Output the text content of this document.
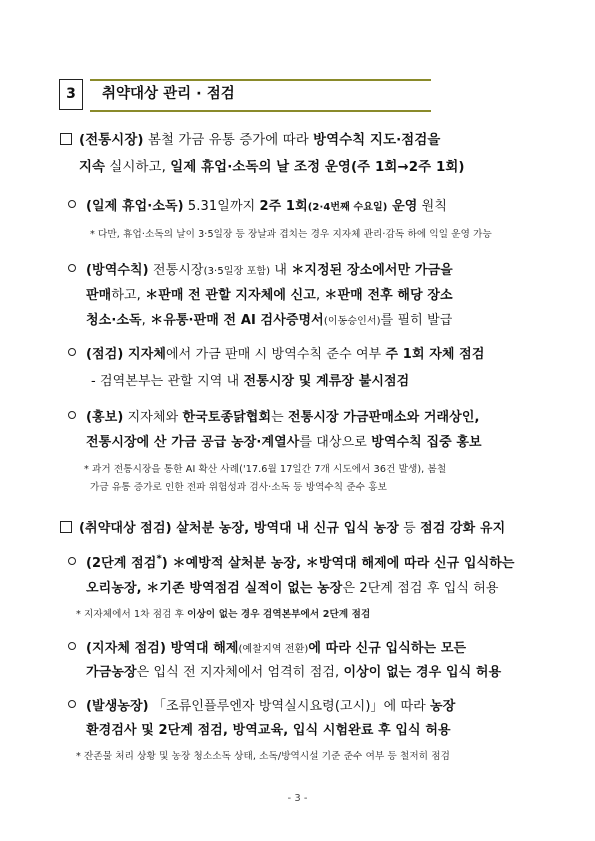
3	취약대상 관리 · 점검
(전통시장) 봄철 가금 유통 증가에 따라 방역수칙 지도·점검을
지속 실시하고, 일제 휴업·소독의 날 조정 운영(주 1회→2주 1회)
(일제 휴업·소독) 5.31일까지 2주 1회(2·4번째 수요일) 운영 원칙
* 다만, 휴업·소독의 날이 3·5일장 등 장날과 겹치는 경우 지자체 관리·감독 하에 익일 운영 가능
(방역수칙) 전통시장(3·5일장 포함) 내 ＊지정된 장소에서만 가금을
판매하고, ＊판매 전 관할 지자체에 신고, ＊판매 전후 해당 장소
청소·소독, ＊유통·판매 전 AI 검사증명서(이동승인서)를 필히 발급
(점검) 지자체에서 가금 판매 시 방역수칙 준수 여부 주 1회 자체 점검
- 검역본부는 관할 지역 내 전통시장 및 계류장 불시점검
(홍보) 지자체와 한국토종닭협회는 전통시장 가금판매소와 거래상인,
전통시장에 산 가금 공급 농장·계열사를 대상으로 방역수칙 집중 홍보
* 과거 전통시장을 통한 AI 확산 사례('17.6월 17일간 7개 시도에서 36건 발생), 봄철
가금 유통 증가로 인한 전파 위험성과 검사·소독 등 방역수칙 준수 홍보
(취약대상 점검) 살처분 농장, 방역대 내 신규 입식 농장 등 점검 강화 유지
(2단계 점검*) ＊예방적 살처분 농장, ＊방역대 해제에 따라 신규 입식하는
오리농장, ＊기존 방역점검 실적이 없는 농장은 2단계 점검 후 입식 허용
* 지자체에서 1차 점검 후 이상이 없는 경우 검역본부에서 2단계 점검
(지자체 점검) 방역대 해제(예찰지역 전환)에 따라 신규 입식하는 모든
가금농장은 입식 전 지자체에서 엄격히 점검, 이상이 없는 경우 입식 허용
(발생농장) 「조류인플루엔자 방역실시요령(고시)」에 따라 농장
환경검사 및 2단계 점검, 방역교육, 입식 시험완료 후 입식 허용
* 잔존물 처리 상황 및 농장 청소소독 상태, 소독/방역시설 기준 준수 여부 등 철저히 점검
- 3 -
